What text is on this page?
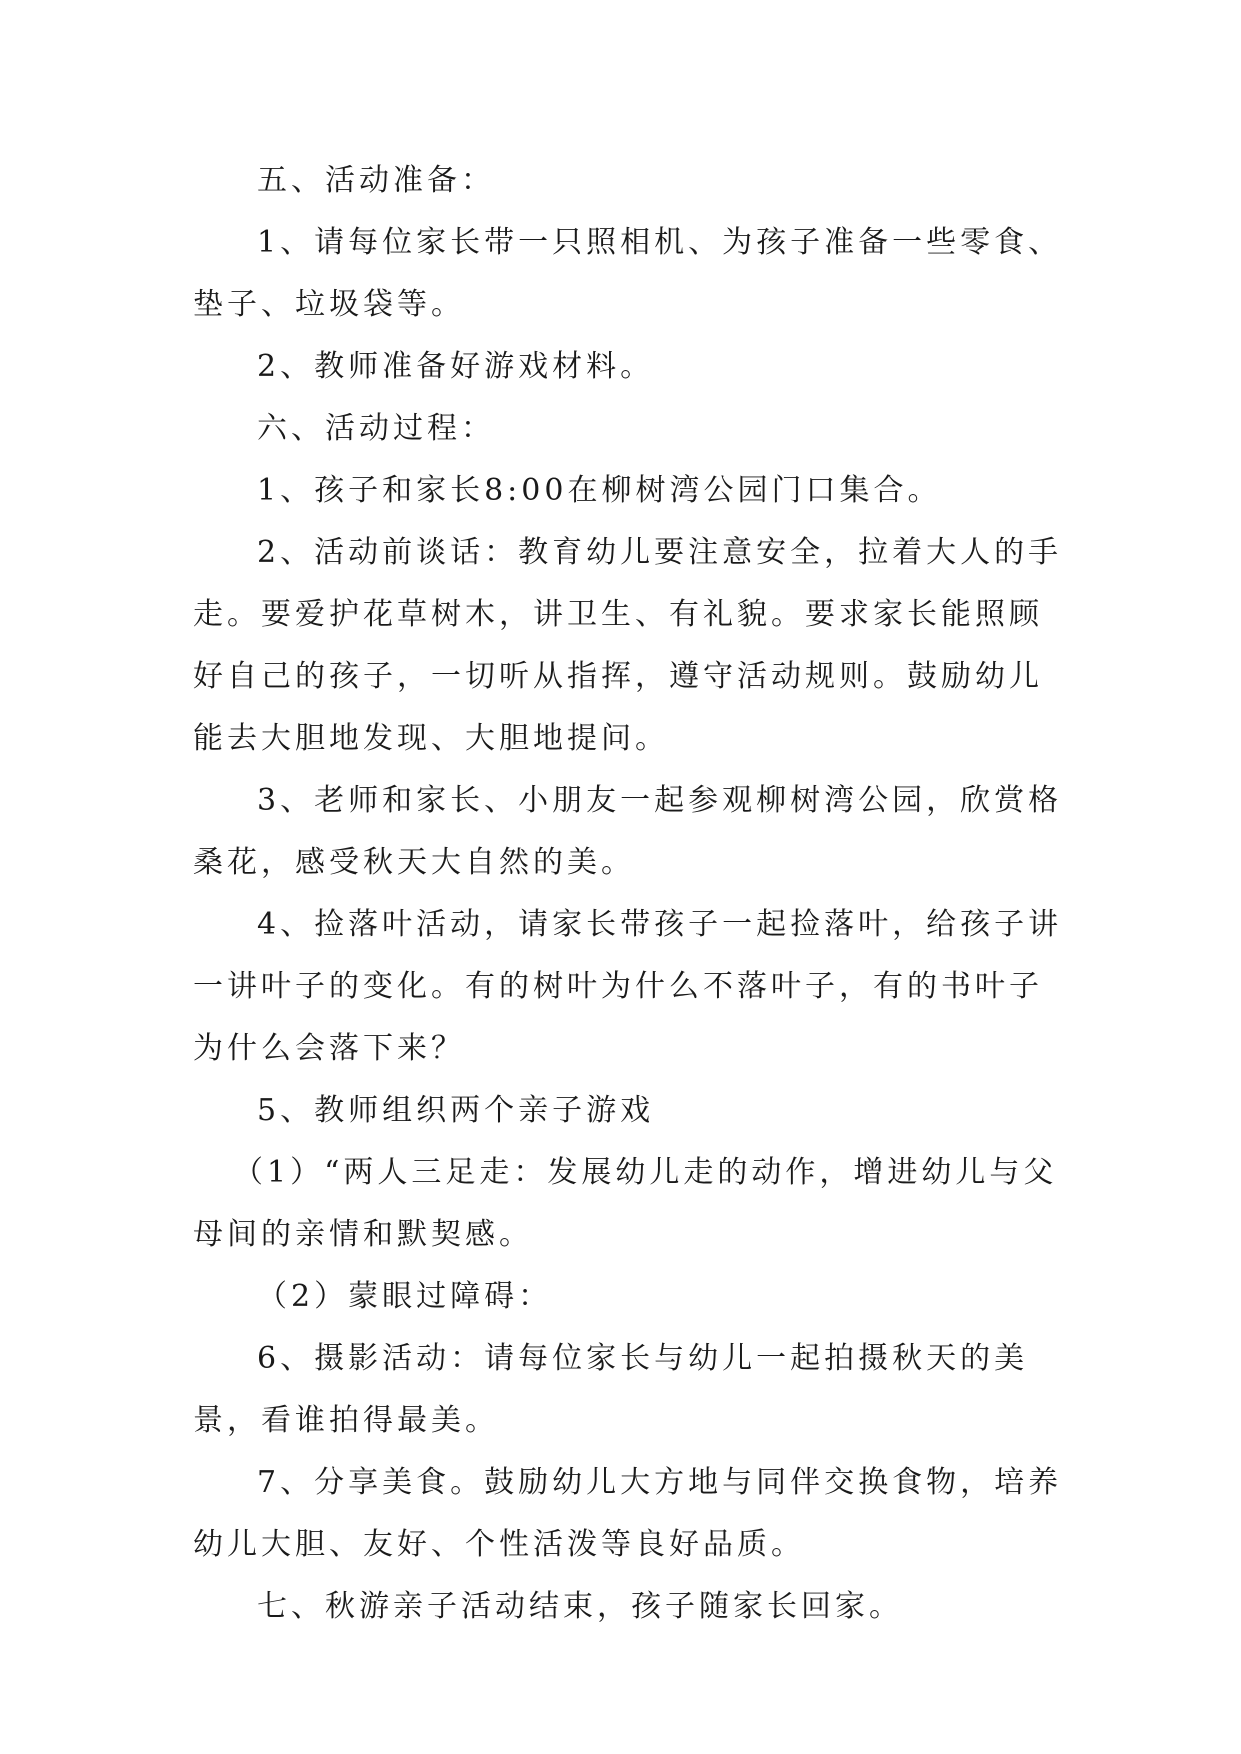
五、活动准备：

1、请每位家长带一只照相机、为孩子准备一些零食、垫子、垃圾袋等。

2、教师准备好游戏材料。

六、活动过程：

1、孩子和家长8:00在柳树湾公园门口集合。

2、活动前谈话：教育幼儿要注意安全，拉着大人的手走。要爱护花草树木，讲卫生、有礼貌。要求家长能照顾好自己的孩子，一切听从指挥，遵守活动规则。鼓励幼儿能去大胆地发现、大胆地提问。

3、老师和家长、小朋友一起参观柳树湾公园，欣赏格桑花，感受秋天大自然的美。

4、捡落叶活动，请家长带孩子一起捡落叶，给孩子讲一讲叶子的变化。有的树叶为什么不落叶子，有的书叶子为什么会落下来？

5、教师组织两个亲子游戏

（1）“两人三足走：发展幼儿走的动作，增进幼儿与父母间的亲情和默契感。

（2）蒙眼过障碍：

6、摄影活动：请每位家长与幼儿一起拍摄秋天的美景，看谁拍得最美。

7、分享美食。鼓励幼儿大方地与同伴交换食物，培养幼儿大胆、友好、个性活泼等良好品质。

七、秋游亲子活动结束，孩子随家长回家。
